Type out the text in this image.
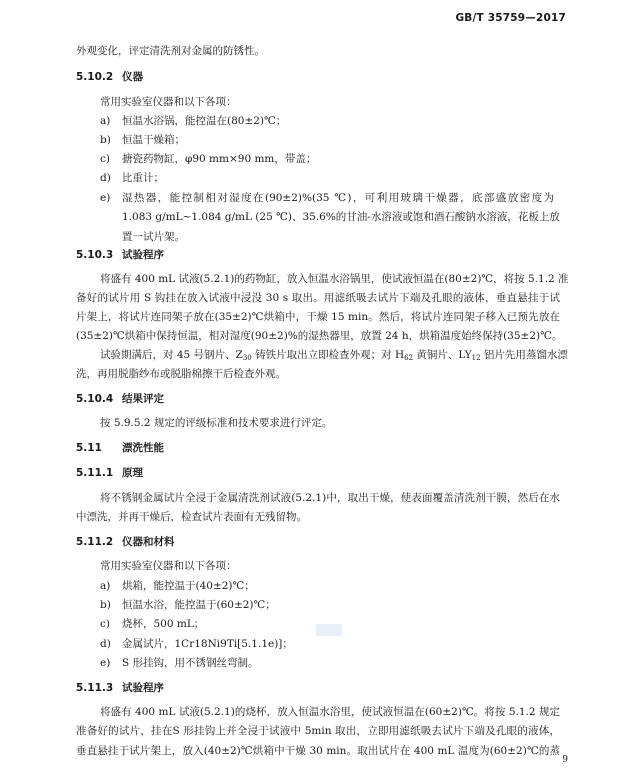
GB/T 35759—2017
外观变化，评定清洗剂对金属的防锈性。
5.10.2 仪器
常用实验室仪器和以下各项：
a) 恒温水浴锅，能控温在(80±2)℃；
b) 恒温干燥箱；
c) 搪瓷药物缸，φ90 mm×90 mm，带盖；
d) 比重计；
e) 湿热器，能控制相对湿度在(90±2)%(35 ℃)，可利用玻璃干燥器，底部盛放密度为
1.083 g/mL~1.084 g/mL (25 ℃)、35.6%的甘油-水溶液或饱和酒石酸钠水溶液，花板上放
置一试片架。
5.10.3 试验程序
将盛有 400 mL 试液(5.2.1)的药物缸，放入恒温水浴锅里，使试液恒温在(80±2)℃，将按 5.1.2 准
备好的试片用 S 钩挂在放入试液中浸没 30 s 取出。用滤纸吸去试片下端及孔眼的液体，垂直悬挂于试
片架上，将试片连同架子放在(35±2)℃烘箱中，干燥 15 min。然后，将试片连同架子移入已预先放在
(35±2)℃烘箱中保持恒温，相对湿度(90±2)%的湿热器里，放置 24 h，烘箱温度始终保持(35±2)℃。
试验期满后，对 45 号钢片、$Z_{30}$ 铸铁片取出立即检查外观；对 $H_{62}$ 黄铜片、$LY_{12}$ 铝片先用蒸馏水漂
洗，再用脱脂纱布或脱脂棉擦干后检查外观。
5.10.4 结果评定
按 5.9.5.2 规定的评级标准和技术要求进行评定。
5.11 漂洗性能
5.11.1 原理
将不锈钢金属试片全浸于金属清洗剂试液(5.2.1)中，取出干燥，使表面覆盖清洗剂干膜，然后在水
中漂洗，并再干燥后，检查试片表面有无残留物。
5.11.2 仪器和材料
常用实验室仪器和以下各项：
a) 烘箱，能控温于(40±2)℃；
b) 恒温水浴，能控温于(60±2)℃；
c) 烧杯，500 mL；
d) 金属试片，1Cr18Ni9Ti[5.1.1e)]；
e) S 形挂钩，用不锈钢丝弯制。
5.11.3 试验程序
将盛有 400 mL 试液(5.2.1)的烧杯，放入恒温水浴里，使试液恒温在(60±2)℃。将按 5.1.2 规定
准备好的试片，挂在S 形挂钩上并全浸于试液中 5min 取出，立即用滤纸吸去试片下端及孔眼的液体，
垂直悬挂于试片架上，放入(40±2)℃烘箱中干燥 30 min。取出试片在 400 mL 温度为(60±2)℃的蒸
9
